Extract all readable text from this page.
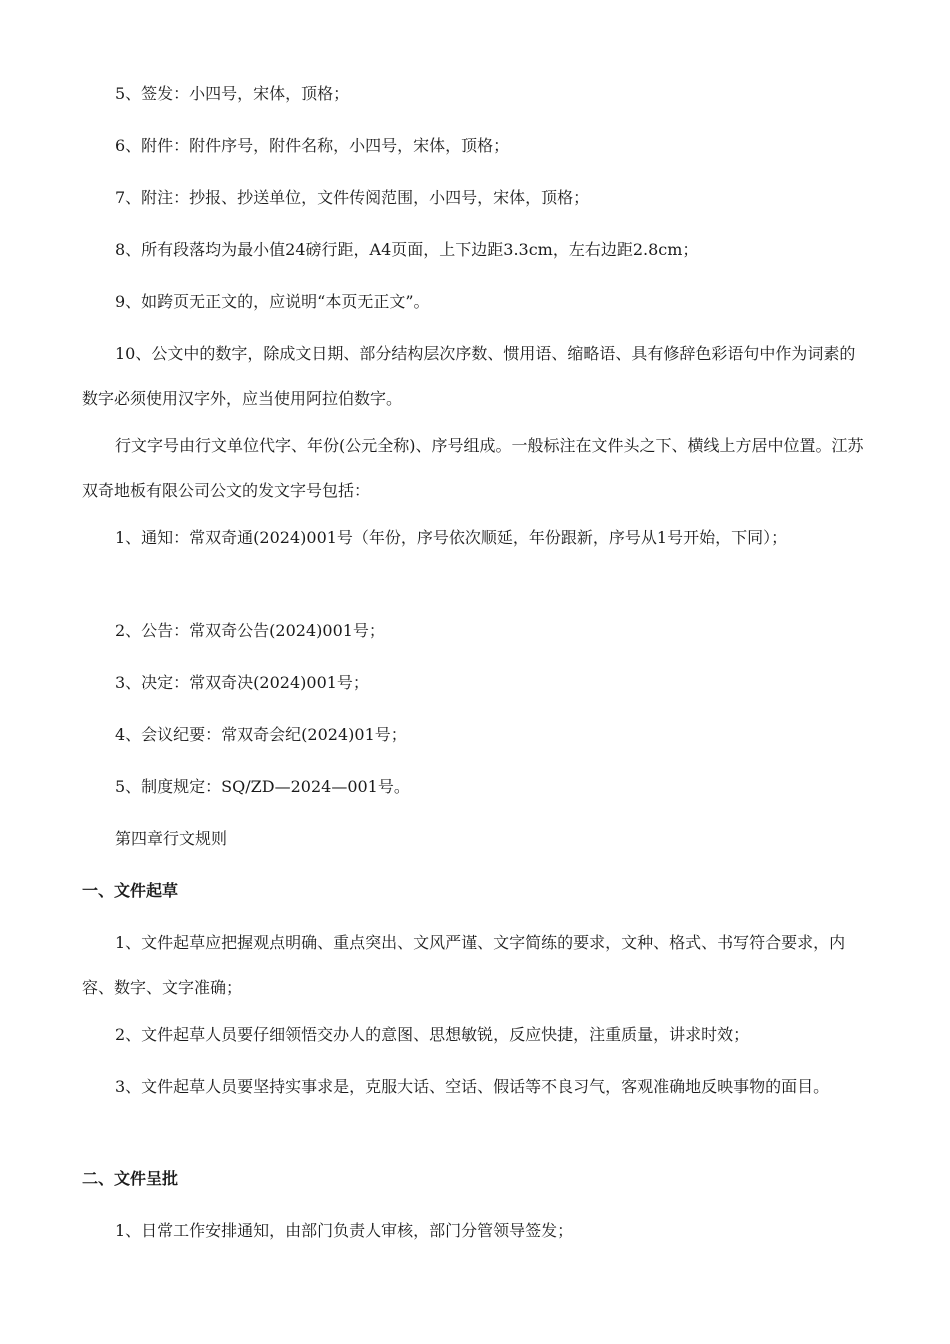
5、签发：小四号，宋体，顶格；

6、附件：附件序号，附件名称，小四号，宋体，顶格；

7、附注：抄报、抄送单位，文件传阅范围，小四号，宋体，顶格；

8、所有段落均为最小值24磅行距，A4页面，上下边距3.3cm，左右边距2.8cm；

9、如跨页无正文的，应说明“本页无正文”。

10、公文中的数字，除成文日期、部分结构层次序数、惯用语、缩略语、具有修辞色彩语句中作为词素的数字必须使用汉字外，应当使用阿拉伯数字。

行文字号由行文单位代字、年份(公元全称)、序号组成。一般标注在文件头之下、横线上方居中位置。江苏双奇地板有限公司公文的发文字号包括：

1、通知：常双奇通(2024)001号（年份，序号依次顺延，年份跟新，序号从1号开始，下同）；

2、公告：常双奇公告(2024)001号；

3、决定：常双奇决(2024)001号；

4、会议纪要：常双奇会纪(2024)01号；

5、制度规定：SQ/ZD—2024—001号。

第四章行文规则

一、文件起草

1、文件起草应把握观点明确、重点突出、文风严谨、文字简练的要求，文种、格式、书写符合要求，内容、数字、文字准确；

2、文件起草人员要仔细领悟交办人的意图、思想敏锐，反应快捷，注重质量，讲求时效；

3、文件起草人员要坚持实事求是，克服大话、空话、假话等不良习气，客观准确地反映事物的面目。

二、文件呈批

1、日常工作安排通知，由部门负责人审核，部门分管领导签发；
